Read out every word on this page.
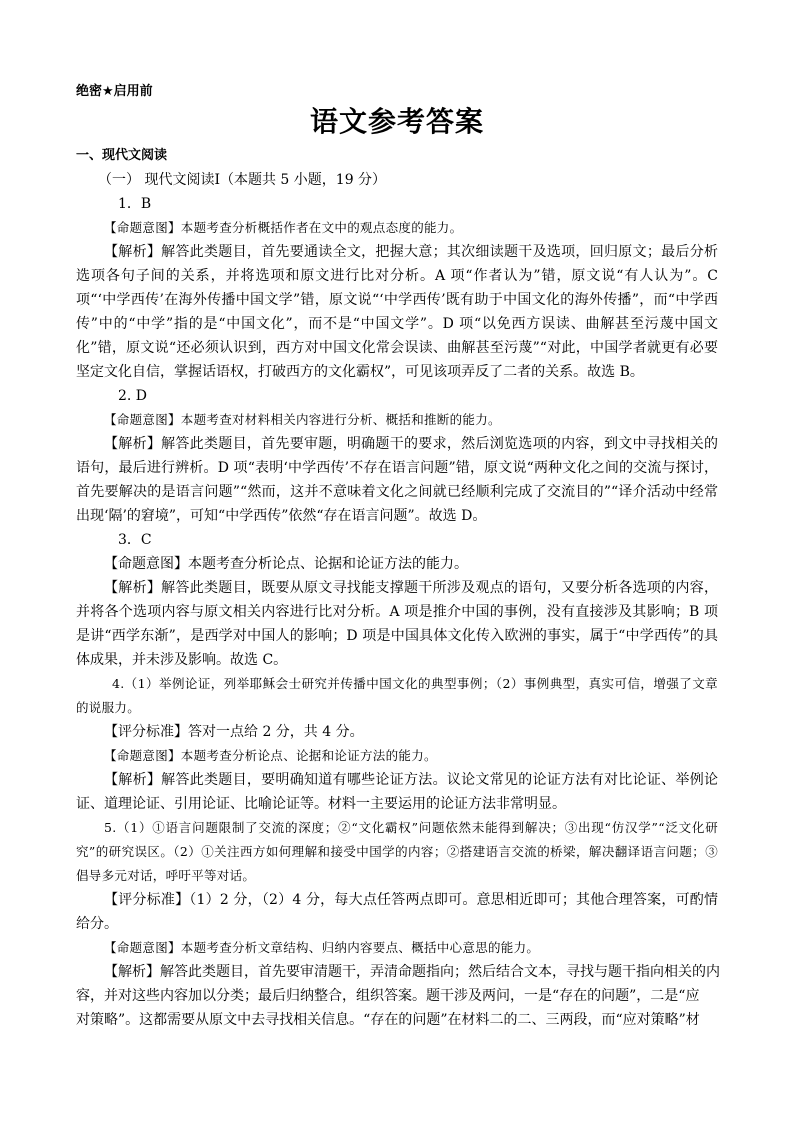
绝密★启用前
语文参考答案
一、现代文阅读
（一） 现代文阅读Ⅰ（本题共 5 小题，19 分）
1．B
【命题意图】本题考查分析概括作者在文中的观点态度的能力。
【解析】解答此类题目，首先要通读全文，把握大意；其次细读题干及选项，回归原文；最后分析选项各句子间的关系，并将选项和原文进行比对分析。A 项“作者认为”错，原文说“有人认为”。C 项“‘中学西传’在海外传播中国文学”错，原文说“‘中学西传’既有助于中国文化的海外传播”，而“中学西传”中的“中学”指的是“中国文化”，而不是“中国文学”。D 项“以免西方误读、曲解甚至污蔑中国文化”错，原文说“还必须认识到，西方对中国文化常会误读、曲解甚至污蔑”“对此，中国学者就更有必要坚定文化自信，掌握话语权，打破西方的文化霸权”，可见该项弄反了二者的关系。故选 B。
2. D
【命题意图】本题考查对材料相关内容进行分析、概括和推断的能力。
【解析】解答此类题目，首先要审题，明确题干的要求，然后浏览选项的内容，到文中寻找相关的语句，最后进行辨析。D 项“表明‘中学西传’不存在语言问题”错，原文说“两种文化之间的交流与探讨，首先要解决的是语言问题”“然而，这并不意味着文化之间就已经顺利完成了交流目的”“译介活动中经常出现‘隔’的窘境”，可知“中学西传”依然“存在语言问题”。故选 D。
3．C
【命题意图】本题考查分析论点、论据和论证方法的能力。
【解析】解答此类题目，既要从原文寻找能支撑题干所涉及观点的语句，又要分析各选项的内容，并将各个选项内容与原文相关内容进行比对分析。A 项是推介中国的事例，没有直接涉及其影响；B 项是讲“西学东渐”，是西学对中国人的影响；D 项是中国具体文化传入欧洲的事实，属于“中学西传”的具体成果，并未涉及影响。故选 C。
4.（1）举例论证，列举耶稣会士研究并传播中国文化的典型事例；（2）事例典型，真实可信，增强了文章的说服力。
【评分标准】答对一点给 2 分，共 4 分。
【命题意图】本题考查分析论点、论据和论证方法的能力。
【解析】解答此类题目，要明确知道有哪些论证方法。议论文常见的论证方法有对比论证、举例论证、道理论证、引用论证、比喻论证等。材料一主要运用的论证方法非常明显。
5.（1）①语言问题限制了交流的深度；②“文化霸权”问题依然未能得到解决；③出现“仿汉学”“泛文化研究”的研究误区。（2）①关注西方如何理解和接受中国学的内容；②搭建语言交流的桥梁，解决翻译语言问题；③倡导多元对话，呼吁平等对话。
【评分标准】（1）2 分，（2）4 分，每大点任答两点即可。意思相近即可；其他合理答案，可酌情给分。
【命题意图】本题考查分析文章结构、归纳内容要点、概括中心意思的能力。
【解析】解答此类题目，首先要审清题干，弄清命题指向；然后结合文本，寻找与题干指向相关的内
容，并对这些内容加以分类；最后归纳整合，组织答案。题干涉及两问，一是“存在的问题”，二是“应
对策略”。这都需要从原文中去寻找相关信息。“存在的问题”在材料二的二、三两段，而“应对策略”材
